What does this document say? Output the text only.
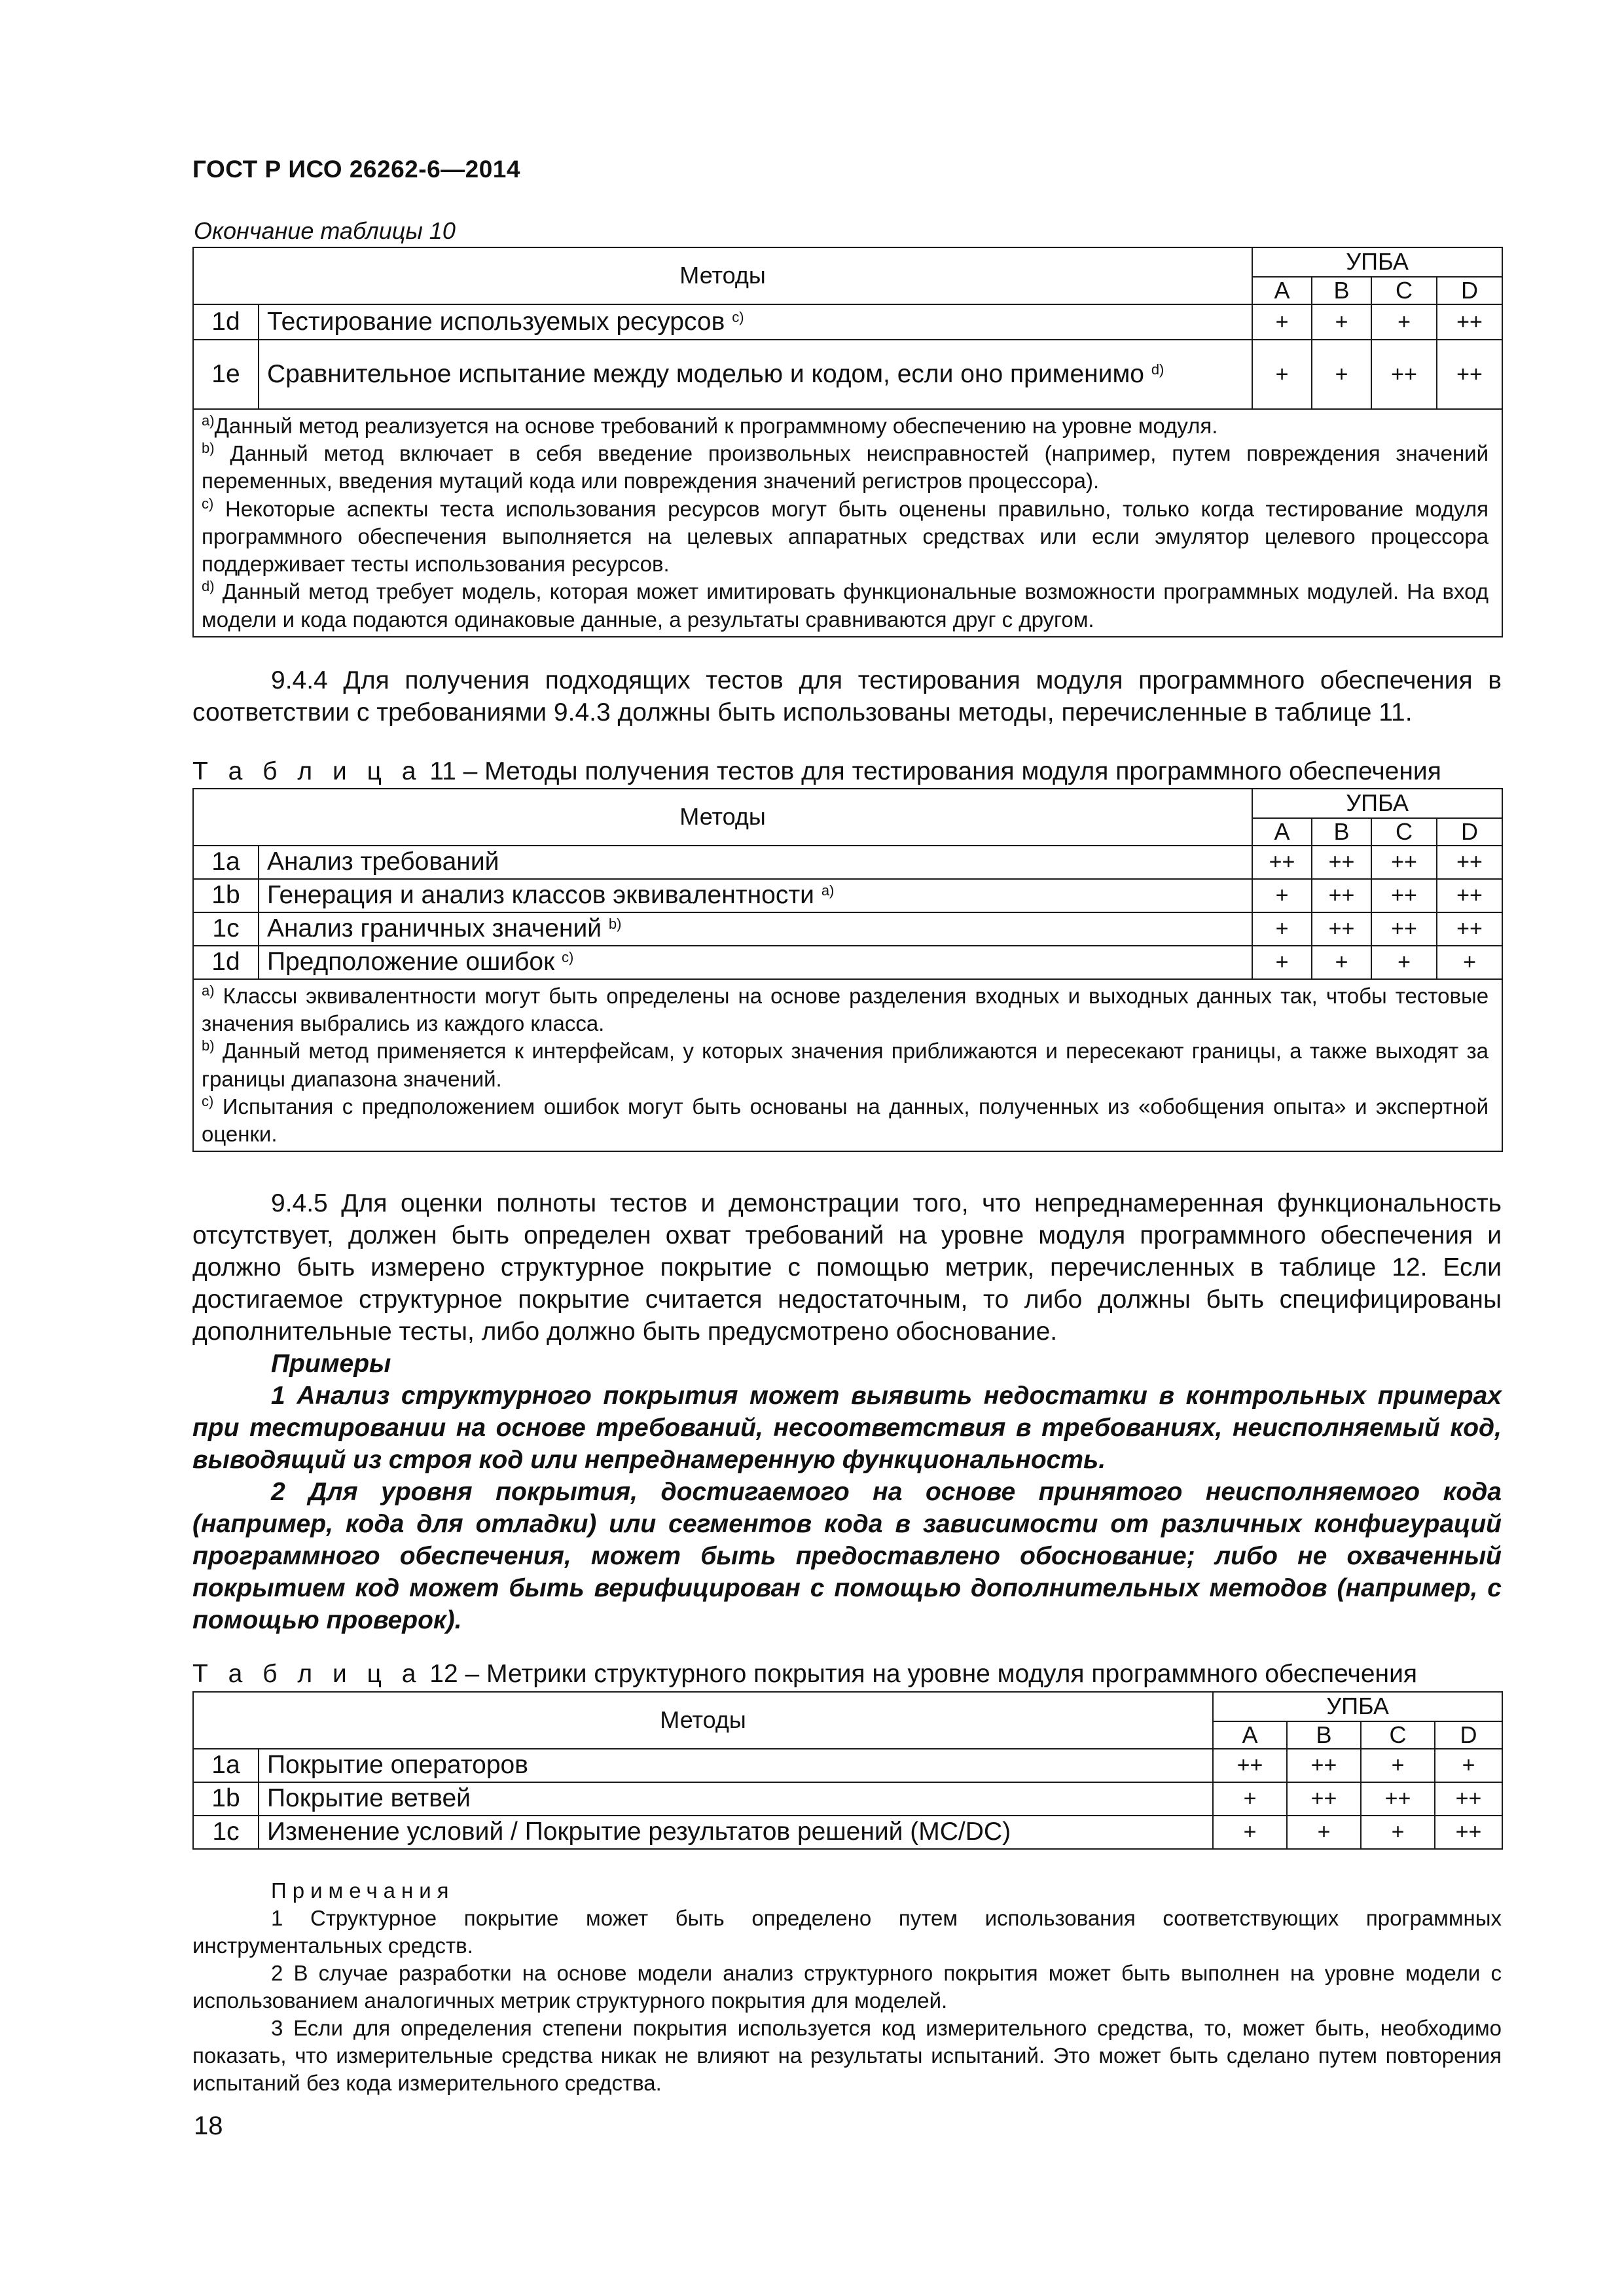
ГОСТ Р ИСО 26262-6—2014
Окончание таблицы 10
Методы		УПБА			
		A	B	C	D
1d	Тестирование используемых ресурсов $^{c)}$	+	+	+	++
1e	Сравнительное испытание между моделью и кодом, если оно применимо $^{d)}$	+	+	++	++

$^{a)}$Данный метод реализуется на основе требований к программному обеспечению на уровне модуля.

$^{b)}$ Данный метод включает в себя введение произвольных неисправностей (например, путем повреждения значений переменных, введения мутаций кода или повреждения значений регистров процессора).

$^{c)}$ Некоторые аспекты теста использования ресурсов могут быть оценены правильно, только когда тестирование модуля программного обеспечения выполняется на целевых аппаратных средствах или если эмулятор целевого процессора поддерживает тесты использования ресурсов.

$^{d)}$ Данный метод требует модель, которая может имитировать функциональные возможности программных модулей. На вход модели и кода подаются одинаковые данные, а результаты сравниваются друг с другом.					

9.4.4 Для получения подходящих тестов для тестирования модуля программного обеспечения в соответствии с требованиями 9.4.3 должны быть использованы методы, перечисленные в таблице 11.

Т а б л и ц а 11 – Методы получения тестов для тестирования модуля программного обеспечения
Методы		УПБА			
		A	B	C	D
1a	Анализ требований	++	++	++	++
1b	Генерация и анализ классов эквивалентности $^{a)}$	+	++	++	++
1c	Анализ граничных значений $^{b)}$	+	++	++	++
1d	Предположение ошибок $^{c)}$	+	+	+	+

$^{a)}$ Классы эквивалентности могут быть определены на основе разделения входных и выходных данных так, чтобы тестовые значения выбрались из каждого класса.

$^{b)}$ Данный метод применяется к интерфейсам, у которых значения приближаются и пересекают границы, а также выходят за границы диапазона значений.

$^{c)}$ Испытания с предположением ошибок могут быть основаны на данных, полученных из «обобщения опыта» и экспертной оценки.					

9.4.5 Для оценки полноты тестов и демонстрации того, что непреднамеренная функциональность отсутствует, должен быть определен охват требований на уровне модуля программного обеспечения и должно быть измерено структурное покрытие с помощью метрик, перечисленных в таблице 12. Если достигаемое структурное покрытие считается недостаточным, то либо должны быть специфицированы дополнительные тесты, либо должно быть предусмотрено обоснование.

Примеры

1 Анализ структурного покрытия может выявить недостатки в контрольных примерах при тестировании на основе требований, несоответствия в требованиях, неисполняемый код, выводящий из строя код или непреднамеренную функциональность.

2 Для уровня покрытия, достигаемого на основе принятого неисполняемого кода (например, кода для отладки) или сегментов кода в зависимости от различных конфигураций программного обеспечения, может быть предоставлено обоснование; либо не охваченный покрытием код может быть верифицирован с помощью дополнительных методов (например, с помощью проверок).

Т а б л и ц а 12 – Метрики структурного покрытия на уровне модуля программного обеспечения
Методы		УПБА			
		A	B	C	D
1a	Покрытие операторов	++	++	+	+
1b	Покрытие ветвей	+	++	++	++
1c	Изменение условий / Покрытие результатов решений (MC/DC)	+	+	+	++

Примечания

1 Структурное покрытие может быть определено путем использования соответствующих программных инструментальных средств.

2 В случае разработки на основе модели анализ структурного покрытия может быть выполнен на уровне модели с использованием аналогичных метрик структурного покрытия для моделей.

3 Если для определения степени покрытия используется код измерительного средства, то, может быть, необходимо показать, что измерительные средства никак не влияют на результаты испытаний. Это может быть сделано путем повторения испытаний без кода измерительного средства.

18
